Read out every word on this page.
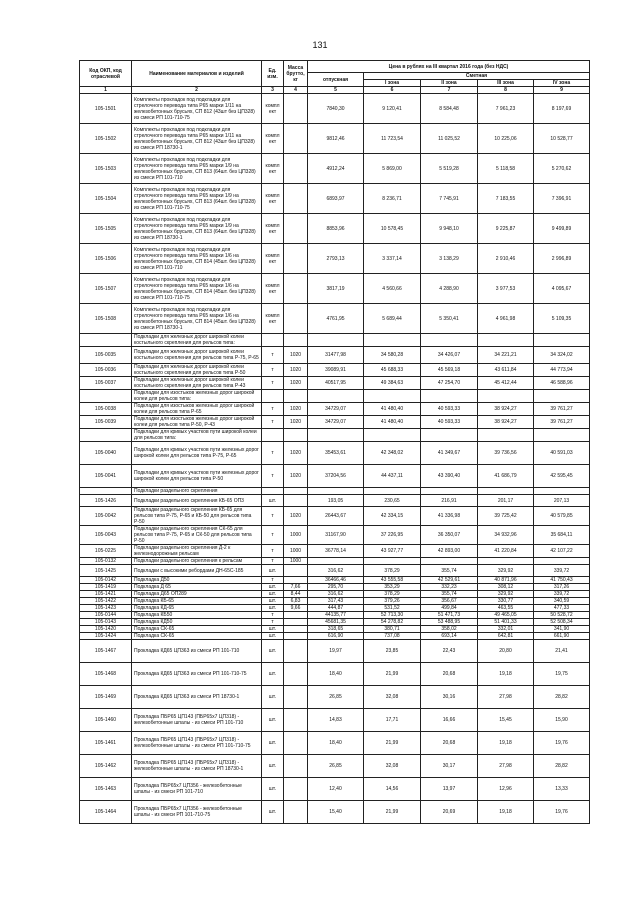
131
Код ОКП, код отраслевой	Наименование материалов и изделий	Ед. изм.	Масса брутто, кг	Цена в рублях на III квартал 2016 года (без НДС)				
				отпускная	Сметная			
					I зона	II зона	III зона	IV зона
1	2	3	4	5	6	7	8	9
105-1501	Комплекты прокладок под подкладки для стрелочного перевода типа Р65 марки 1/11 на железобетонных брусьях, СП 812 (43шт без ЦП328) из смеси РП 101-710-75	компл ект		7840,30	9 120,41	8 584,48	7 961,23	8 197,69
105-1502	Комплекты прокладок под подкладки для стрелочного перевода типа Р65 марки 1/11 на железобетонных брусьях, СП 812 (43шт без ЦП328) из смеси РП 18730-1	компл ект		9812,46	11 723,54	11 025,52	10 225,06	10 528,77
105-1503	Комплекты прокладок под подкладки для стрелочного перевода типа Р65 марки 1/9 на железобетонных брусьях, СП 813 (64шт. без ЦП328) из смеси РП 101-710	компл ект		4912,24	5 869,00	5 519,28	5 118,58	5 270,62
105-1504	Комплекты прокладок под подкладки для стрелочного перевода типа Р65 марки 1/9 на железобетонных брусьях, СП 813 (64шт. без ЦП328) из смеси РП 101-710-75	компл ект		6893,97	8 236,71	7 745,91	7 183,55	7 396,91
105-1505	Комплекты прокладок под подкладки для стрелочного перевода типа Р65 марки 1/9 на железобетонных брусьях, СП 813 (64шт. без ЦП328) из смеси РП 18730-1	компл ект		8853,96	10 578,45	9 948,10	9 225,87	9 499,89
105-1506	Комплекты прокладок под подкладки для стрелочного перевода типа Р65 марки 1/6 на железобетонных брусьях, СП 814 (45шт. без ЦП328) из смеси РП 101-710	компл ект		2793,13	3 337,14	3 138,29	2 910,46	2 996,89
105-1507	Комплекты прокладок под подкладки для стрелочного перевода типа Р65 марки 1/6 на железобетонных брусьях, СП 814 (45шт. без ЦП328) из смеси РП 101-710-75	компл ект		3817,19	4 560,66	4 288,90	3 977,53	4 095,67
105-1508	Комплекты прокладок под подкладки для стрелочного перевода типа Р65 марки 1/6 на железобетонных брусьях, СП 814 (45шт. без ЦП328) из смеси РП 18730-1	компл ект		4761,95	5 689,44	5 350,41	4 961,98	5 109,35
	Подкладки для железных дорог широкой колеи костыльного скрепления для рельсов типа:							
105-0035	Подкладки для железных дорог широкой колеи костыльного скрепления для рельсов типа Р-75, Р-65	т	1020	31477,98	34 580,28	34 426,07	34 221,21	34 324,02
105-0036	Подкладки для железных дорог широкой колеи костыльного скрепления для рельсов типа Р-50	т	1020	39089,91	45 688,33	45 569,18	43 611,84	44 773,94
105-0037	Подкладки для железных дорог широкой колеи костыльного скрепления для рельсов типа Р-43	т	1020	40517,95	49 384,63	47 254,70	45 412,44	46 588,96
	Подкладки для изостыков железных дорог широкой колеи для рельсов типа:							
105-0038	Подкладки для изостыков железных дорог широкой колеи для рельсов типа Р-65	т	1020	34729,07	41 480,40	40 593,33	38 924,27	39 761,27
105-0039	Подкладки для изостыков железных дорог широкой колеи для рельсов типа Р-50, Р-43	т	1020	34729,07	41 480,40	40 593,33	38 924,27	39 761,27
	Подкладки для кривых участков пути широкой колеи для рельсов типа:							
105-0040	Подкладки для кривых участков пути железных дорог широкой колеи для рельсов типа Р-75, Р-65	т	1020	35453,61	42 348,02	41 349,67	39 736,56	40 591,03
105-0041	Подкладки для кривых участков пути железных дорог широкой колеи для рельсов типа Р-50	т	1020	37204,56	44 437,11	43 390,40	41 686,79	42 595,45
	Подкладки раздельного скрепления							
105-1426	Подкладки раздельного скрепления КБ-65 ОП3	шт.		193,05	230,65	216,91	201,17	207,13
105-0042	Подкладки раздельного скрепления КБ-65 для рельсов типа Р-75, Р-65 и КБ-50 для рельсов типа Р-50	т	1020	26443,67	42 334,15	41 336,98	39 725,42	40 579,85
105-0043	Подкладки раздельного скрепления СК-65 для рельсов типа Р-75, Р-65 и СК-50 для рельсов типа Р-50	т	1000	31167,90	37 226,95	36 350,07	34 932,96	35 684,11
105-0225	Подкладки раздельного скрепления Д-2 к железнодорожным рельсам	т	1000	36778,14	43 927,77	42 893,00	41 220,84	42 107,22
105-0132	Подкладки раздельного скрепления к рельсам	т	1000					
105-1425	Подкладки с высокими ребордами ДН-65С-185	шт.		316,62	378,29	355,74	329,92	339,72
105-0142	Подкладка Д50	т		36466,46	43 555,58	42 529,61	40 871,96	41 750,43
105-1419	Подкладка Д 65	шт.	7,66	295,70	353,29	332,23	308,12	317,26
105-1421	Подкладка Д65 ОП289	шт.	8,44	316,62	378,29	355,74	329,92	339,72
105-1422	Подкладка КБ-65	шт.	6,83	317,43	379,26	356,67	330,77	340,59
105-1423	Подкладка КД-65	шт.	9,66	444,87	531,52	499,84	463,55	477,33
105-0144	Подкладка КБ50	т		44135,77	52 713,30	51 471,73	49 465,05	50 528,72
105-0143	Подкладка КД50	т		45681,35	54 278,82	53 488,95	51 401,33	52 508,34
105-1420	Подкладка СК-65	шт.		318,65	380,71	358,02	332,01	341,90
105-1424	Подкладка СК-65	шт.		616,90	737,08	693,14	642,81	661,90
105-1467	Прокладка КД65 ЦП363 из смеси РП 101-710	шт.		19,97	23,85	22,43	20,80	21,41
105-1468	Прокладка КД65 ЦП363 из смеси РП 101-710-75	шт.		18,40	21,99	20,68	19,18	19,75
105-1469	Прокладка КД65 ЦП363 из смеси РП 18730-1	шт.		26,85	32,08	30,16	27,98	28,82
105-1460	Прокладка ПБР65 ЦП143 (ПБР65х7 ЦП318) - железобетонные шпалы - из смеси РП 101-710	шт.		14,83	17,71	16,66	15,45	15,90
105-1461	Прокладка ПБР65 ЦП143 (ПБР65х7 ЦП318) - железобетонные шпалы - из смеси РП 101-710-75	шт.		18,40	21,99	20,68	19,18	19,76
105-1462	Прокладка ПБР65 ЦП143 (ПБР65х7 ЦП318) - железобетонные шпалы - из смеси РП 18730-1	шт.		26,85	32,08	30,17	27,98	28,82
105-1463	Прокладка ПБР65х7 ЦП356 - железобетонные шпалы - из смеси РП 101-710	шт.		12,40	14,56	13,97	12,96	13,33
105-1464	Прокладка ПБР65х7 ЦП356 - железобетонные шпалы - из смеси РП 101-710-75	шт.		15,40	21,99	20,69	19,18	19,76
